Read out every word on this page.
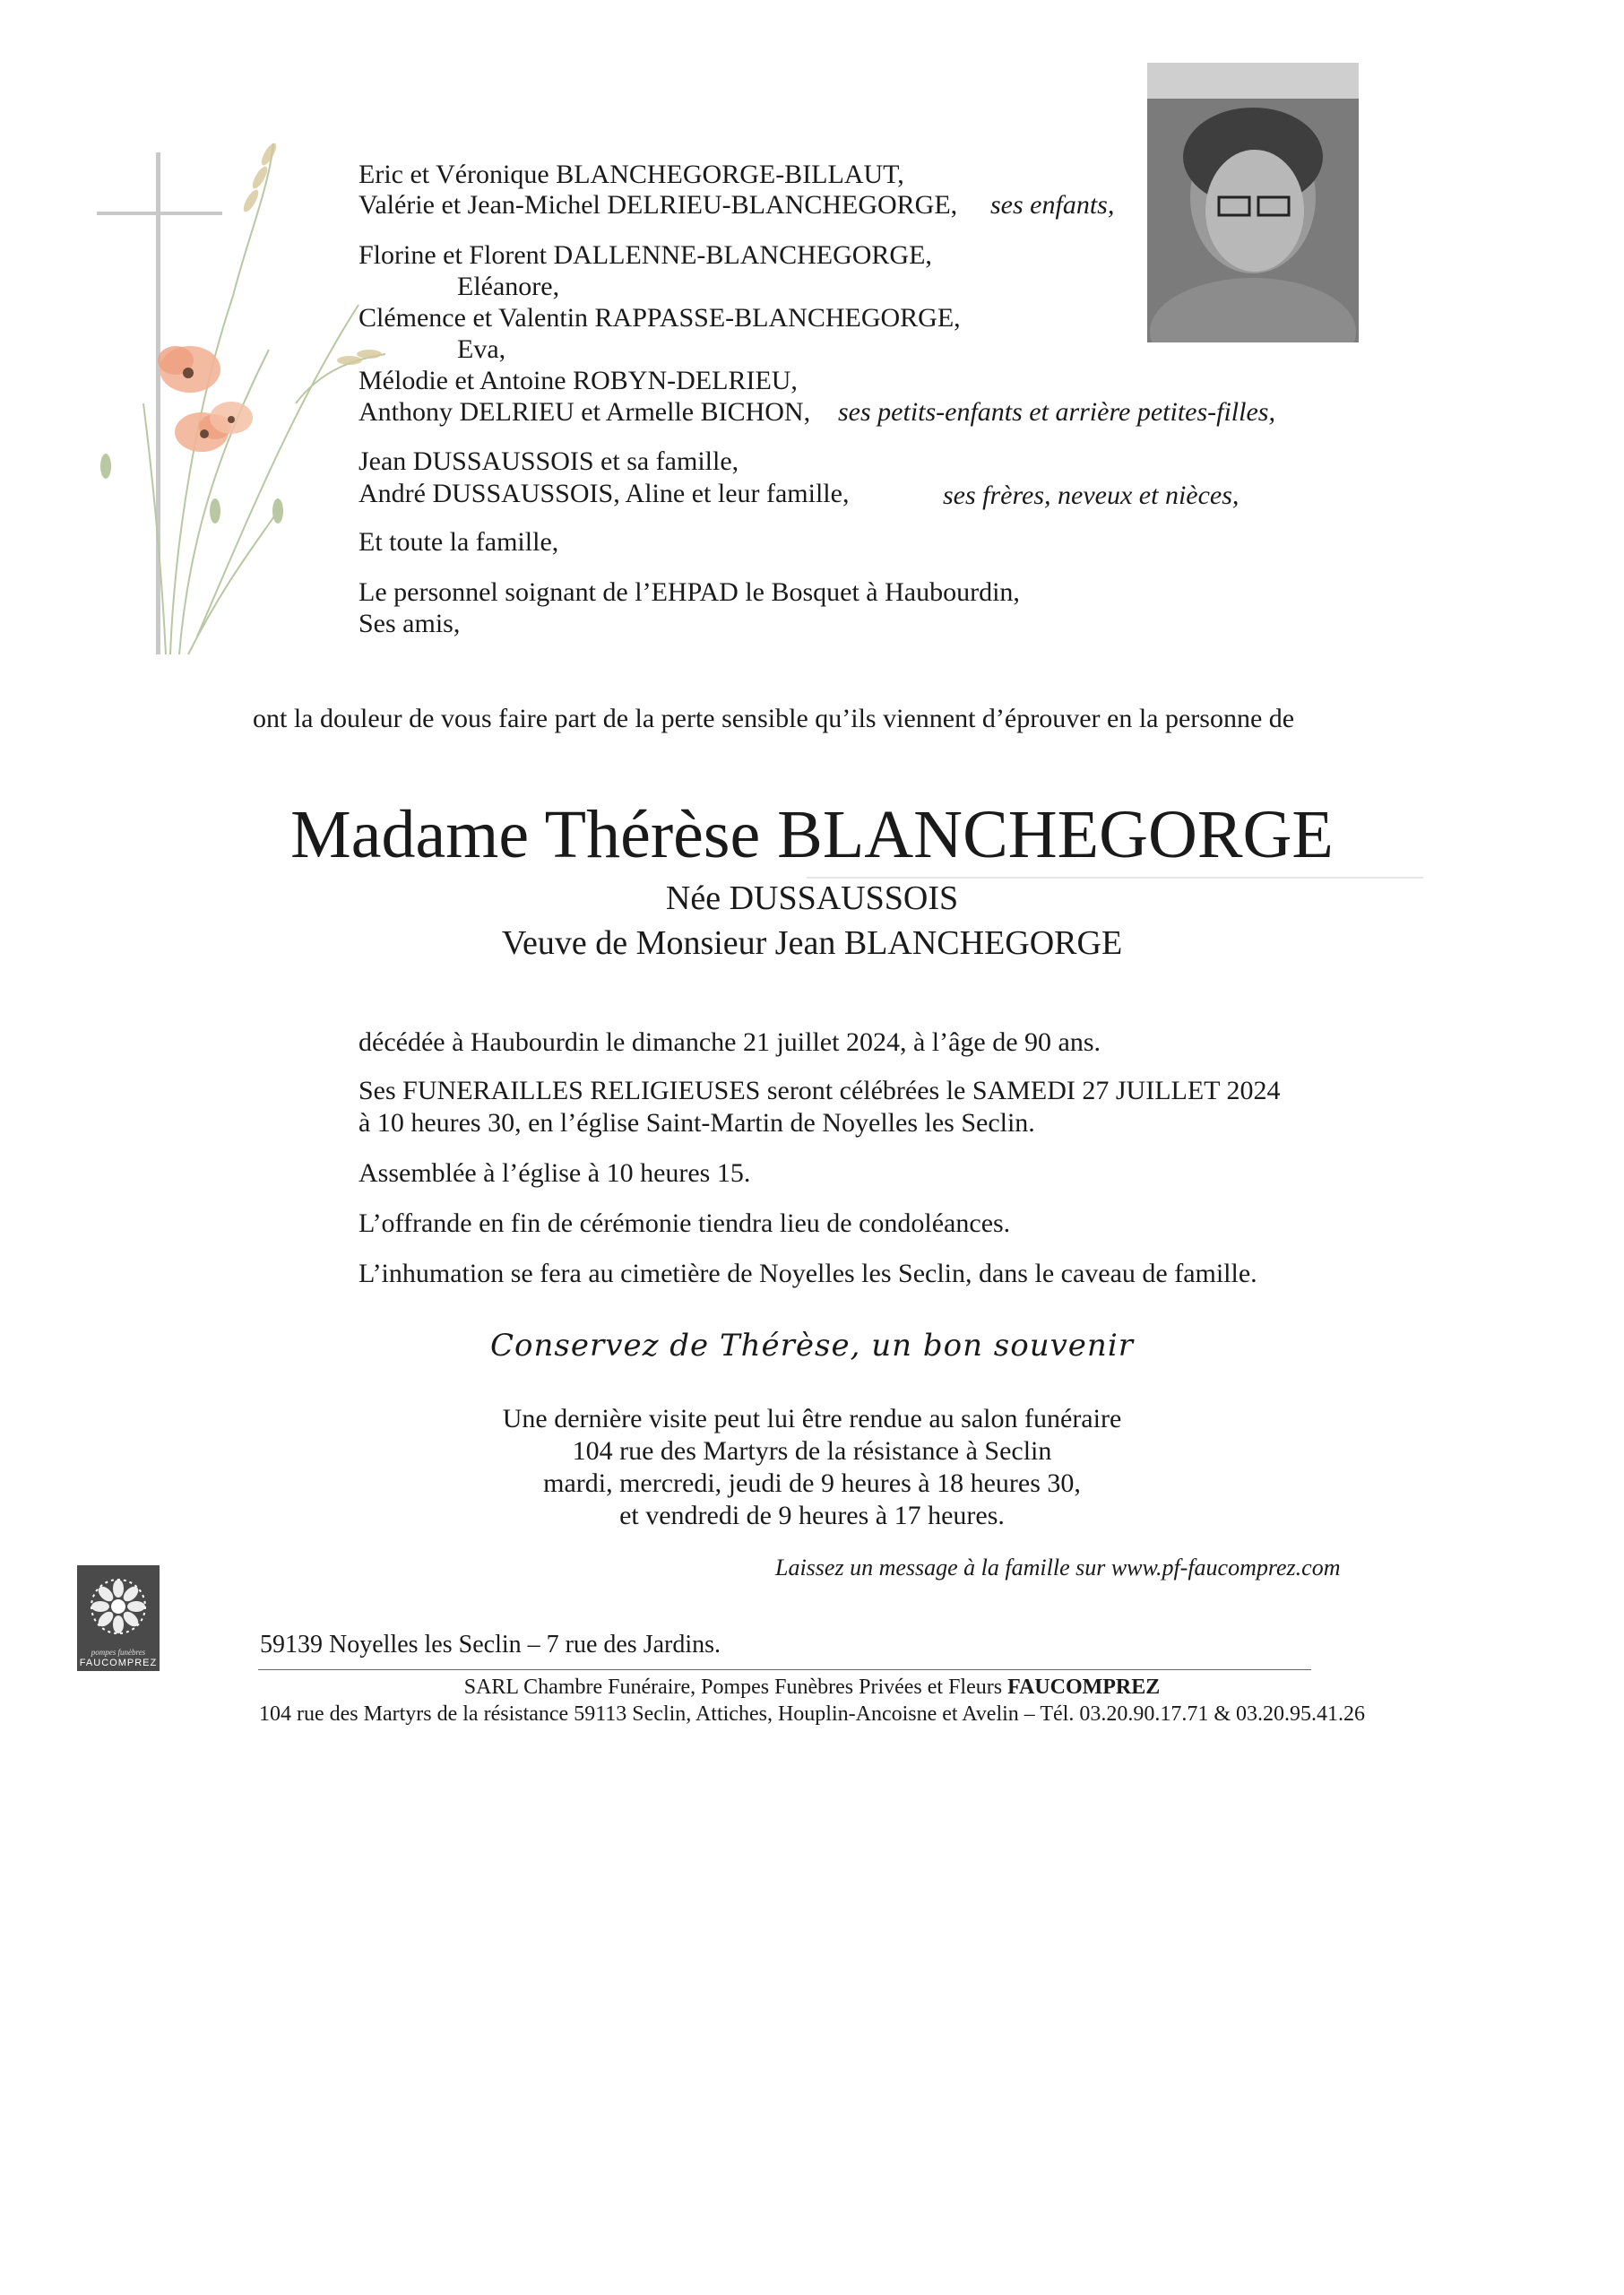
Eric et Véronique BLANCHEGORGE-BILLAUT,
Valérie et Jean-Michel DELRIEU-BLANCHEGORGE, ses enfants,
Florine et Florent DALLENNE-BLANCHEGORGE,
Eléanore,
Clémence et Valentin RAPPASSE-BLANCHEGORGE,
Eva,
Mélodie et Antoine ROBYN-DELRIEU,
Anthony DELRIEU et Armelle BICHON, ses petits-enfants et arrière petites-filles,
Jean DUSSAUSSOIS et sa famille,
André DUSSAUSSOIS, Aline et leur famille,	ses frères, neveux et nièces,
Et toute la famille,
Le personnel soignant de l’EHPAD le Bosquet à Haubourdin,
Ses amis,
ont la douleur de vous faire part de la perte sensible qu’ils viennent d’éprouver en la personne de
Madame Thérèse BLANCHEGORGE
Née DUSSAUSSOIS
Veuve de Monsieur Jean BLANCHEGORGE
décédée à Haubourdin le dimanche 21 juillet 2024, à l’âge de 90 ans.
Ses FUNERAILLES RELIGIEUSES seront célébrées le SAMEDI 27 JUILLET 2024
à 10 heures 30, en l’église Saint-Martin de Noyelles les Seclin.
Assemblée à l’église à 10 heures 15.
L’offrande en fin de cérémonie tiendra lieu de condoléances.
L’inhumation se fera au cimetière de Noyelles les Seclin, dans le caveau de famille.
Conservez de Thérèse, un bon souvenir
Une dernière visite peut lui être rendue au salon funéraire
104 rue des Martyrs de la résistance à Seclin
mardi, mercredi, jeudi de 9 heures à 18 heures 30,
et vendredi de 9 heures à 17 heures.
Laissez un message à la famille sur www.pf-faucomprez.com
pompes funèbres
FAUCOMPREZ
59139 Noyelles les Seclin – 7 rue des Jardins.
SARL Chambre Funéraire, Pompes Funèbres Privées et Fleurs FAUCOMPREZ
104 rue des Martyrs de la résistance 59113 Seclin, Attiches, Houplin-Ancoisne et Avelin – Tél. 03.20.90.17.71 & 03.20.95.41.26
